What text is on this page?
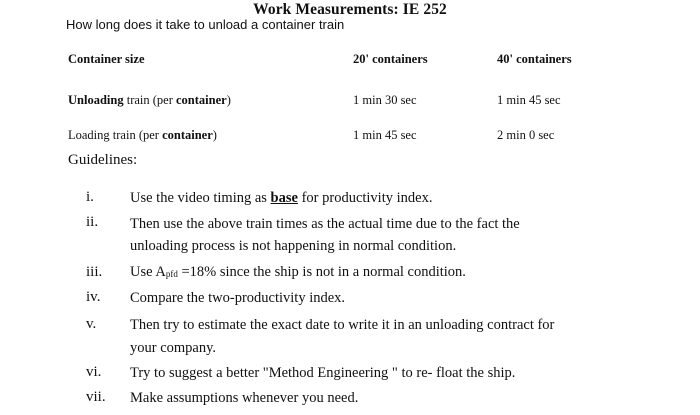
Work Measurements: IE 252
How long does it take to unload a container train
Container size	20' containers	40' containers
Unloading train (per container)	1 min 30 sec	1 min 45 sec
Loading train (per container)	1 min 45 sec	2 min 0 sec
Guidelines:
i. Use the video timing as base for productivity index.
ii. Then use the above train times as the actual time due to the fact the
unloading process is not happening in normal condition.
iii. Use $A_{pfd} =18\%$ since the ship is not in a normal condition.
iv. Compare the two-productivity index.
v. Then try to estimate the exact date to write it in an unloading contract for
your company.
vi. Try to suggest a better "Method Engineering " to re- float the ship.
vii. Make assumptions whenever you need.
